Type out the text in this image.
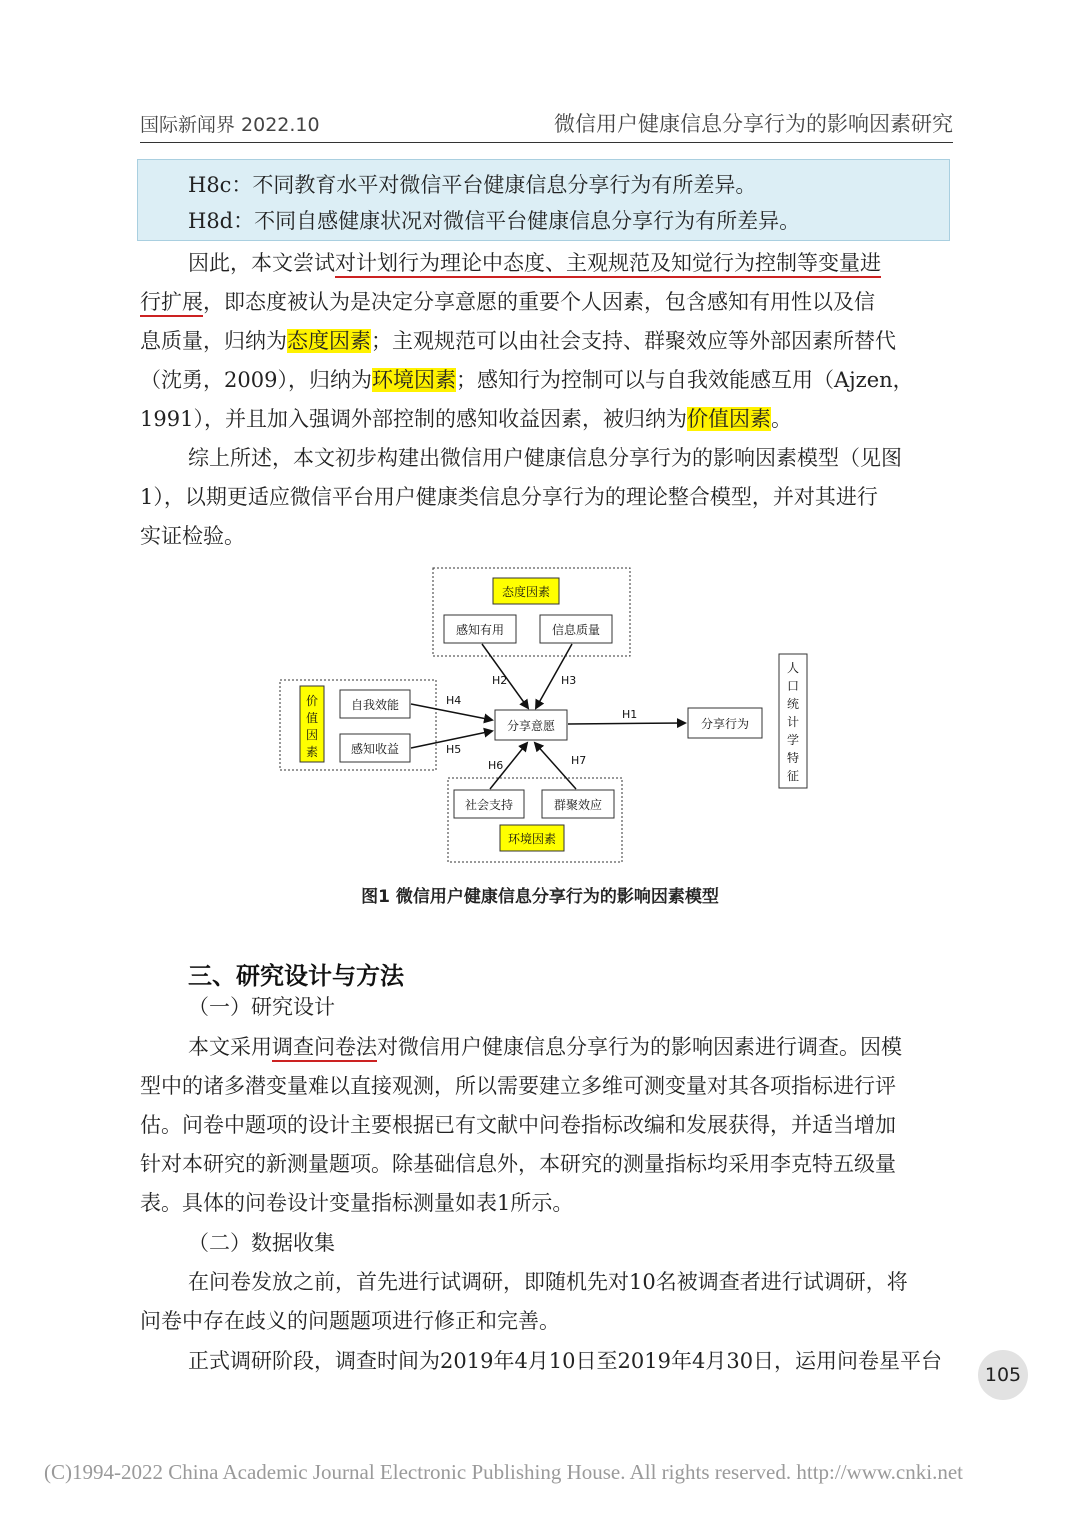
国际新闻界 2022.10	微信用户健康信息分享行为的影响因素研究
H8c：不同教育水平对微信平台健康信息分享行为有所差异。
H8d：不同自感健康状况对微信平台健康信息分享行为有所差异。
因此，本文尝试对计划行为理论中态度、主观规范及知觉行为控制等变量进
行扩展，即态度被认为是决定分享意愿的重要个人因素，包含感知有用性以及信
息质量，归纳为态度因素；主观规范可以由社会支持、群聚效应等外部因素所替代
（沈勇，2009），归纳为环境因素；感知行为控制可以与自我效能感互用（Ajzen，
1991），并且加入强调外部控制的感知收益因素，被归纳为价值因素。
综上所述，本文初步构建出微信用户健康信息分享行为的影响因素模型（见图
1），以期更适应微信平台用户健康类信息分享行为的理论整合模型，并对其进行
实证检验。
态度因素
感知有用	信息质量
价
值
因
素
自我效能
感知收益
分享意愿	分享行为
人
口
统
计
学
特
征
社会支持	群聚效应
环境因素
H2	H3
H4
H5
H6	H7
H1
图1 微信用户健康信息分享行为的影响因素模型
三、研究设计与方法
（一）研究设计
本文采用调查问卷法对微信用户健康信息分享行为的影响因素进行调查。因模
型中的诸多潜变量难以直接观测，所以需要建立多维可测变量对其各项指标进行评
估。问卷中题项的设计主要根据已有文献中问卷指标改编和发展获得，并适当增加
针对本研究的新测量题项。除基础信息外，本研究的测量指标均采用李克特五级量
表。具体的问卷设计变量指标测量如表1所示。
（二）数据收集
在问卷发放之前，首先进行试调研，即随机先对10名被调查者进行试调研，将
问卷中存在歧义的问题题项进行修正和完善。
正式调研阶段，调查时间为2019年4月10日至2019年4月30日，运用问卷星平台
105
(C)1994-2022 China Academic Journal Electronic Publishing House. All rights reserved. http://www.cnki.net
